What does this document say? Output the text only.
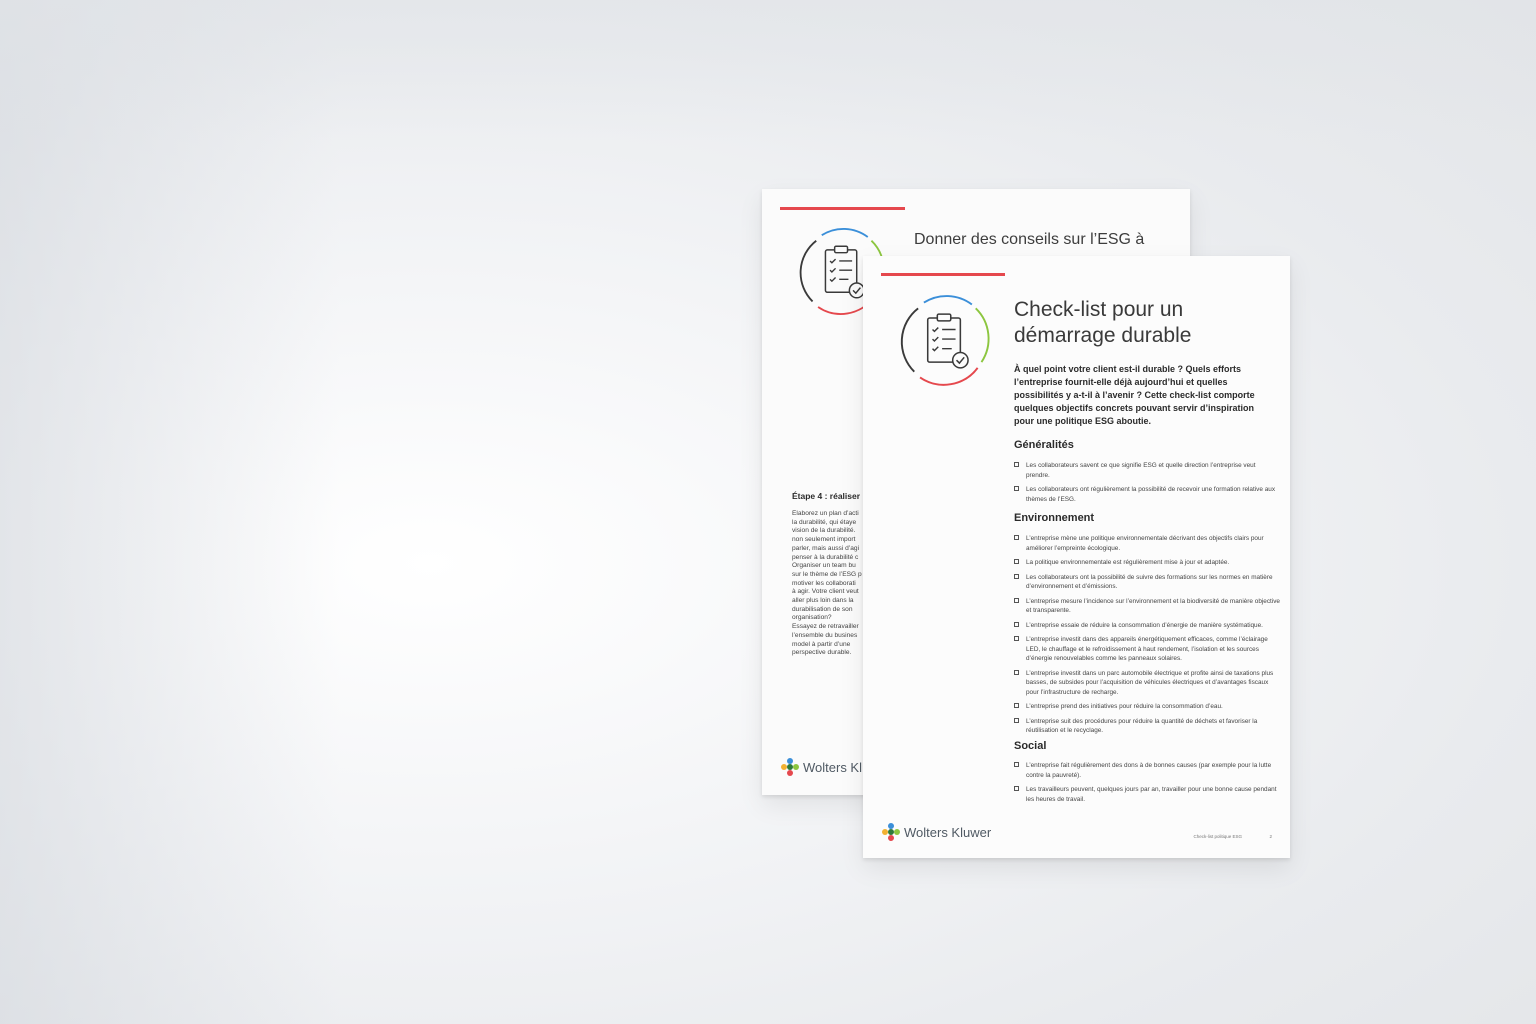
Donner des conseils sur l’ESG à
Étape 4 : réaliser
Élaborez un plan d’acti
la durabilité, qui étaye
vision de la durabilité.
non seulement import
parler, mais aussi d’agi
penser à la durabilité c
Organiser un team bu
sur le thème de l’ESG p
motiver les collaborati
à agir. Votre client veut
aller plus loin dans la
durabilisation de son
organisation?
Essayez de retravailler
l’ensemble du busines
model à partir d’une
perspective durable.
Wolters Kl
Check-list pour un démarrage durable
À quel point votre client est-il durable ? Quels efforts l’entreprise fournit-elle déjà aujourd’hui et quelles possibilités y a-t-il à l’avenir ? Cette check-list comporte quelques objectifs concrets pouvant servir d’inspiration pour une politique ESG aboutie.
Généralités
Les collaborateurs savent ce que signifie ESG et quelle direction l’entreprise veut prendre.
Les collaborateurs ont régulièrement la possibilité de recevoir une formation relative aux thèmes de l’ESG.
Environnement
L’entreprise mène une politique environnementale décrivant des objectifs clairs pour améliorer l’empreinte écologique.
La politique environnementale est régulièrement mise à jour et adaptée.
Les collaborateurs ont la possibilité de suivre des formations sur les normes en matière d’environnement et d’émissions.
L’entreprise mesure l’incidence sur l’environnement et la biodiversité de manière objective et transparente.
L’entreprise essaie de réduire la consommation d’énergie de manière systématique.
L’entreprise investit dans des appareils énergétiquement efficaces, comme l’éclairage LED, le chauffage et le refroidissement à haut rendement, l’isolation et les sources d’énergie renouvelables comme les panneaux solaires.
L’entreprise investit dans un parc automobile électrique et profite ainsi de taxations plus basses, de subsides pour l’acquisition de véhicules électriques et d’avantages fiscaux pour l’infrastructure de recharge.
L’entreprise prend des initiatives pour réduire la consommation d’eau.
L’entreprise suit des procédures pour réduire la quantité de déchets et favoriser la réutilisation et le recyclage.
Social
L’entreprise fait régulièrement des dons à de bonnes causes (par exemple pour la lutte contre la pauvreté).
Les travailleurs peuvent, quelques jours par an, travailler pour une bonne cause pendant les heures de travail.
Wolters Kluwer	Check-list politique ESG	2
